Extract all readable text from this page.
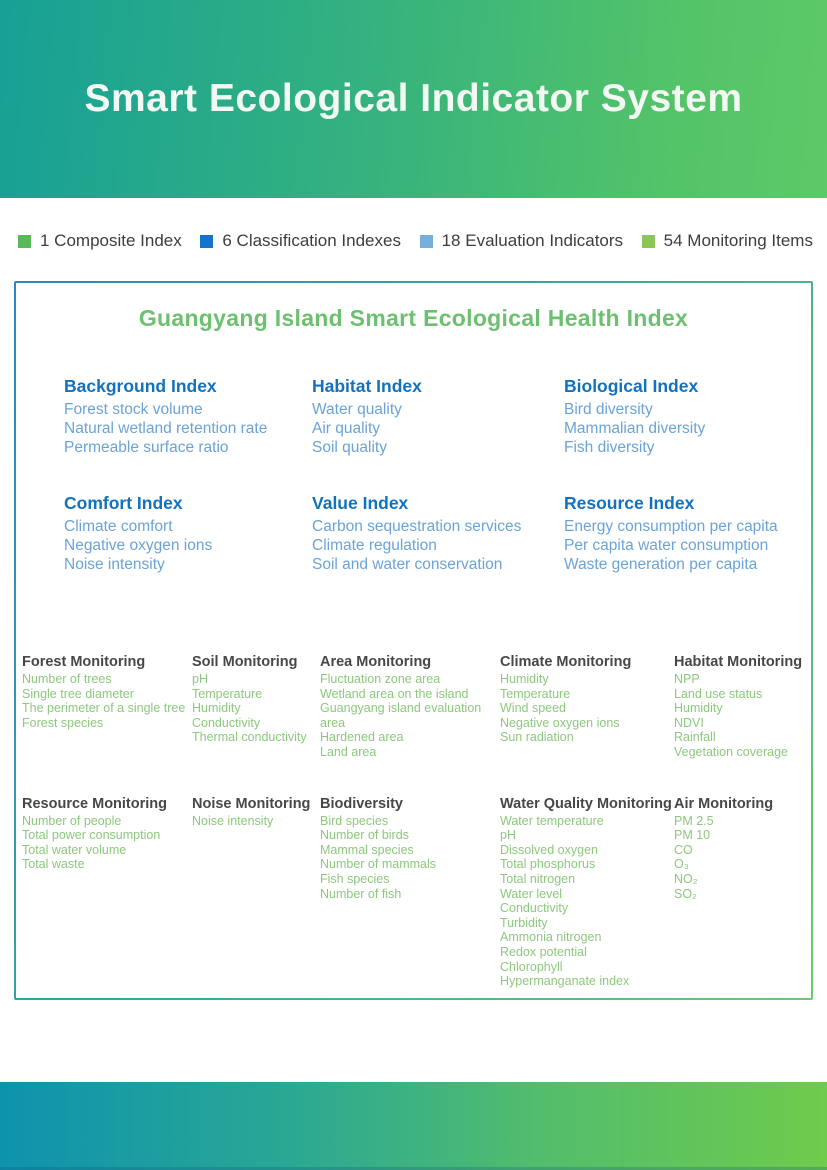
Smart Ecological Indicator System
1 Composite Index 6 Classification Indexes 18 Evaluation Indicators 54 Monitoring Items
Guangyang Island Smart Ecological Health Index
Background Index
Forest stock volume
Natural wetland retention rate
Permeable surface ratio
Habitat Index
Water quality
Air quality
Soil quality
Biological Index
Bird diversity
Mammalian diversity
Fish diversity
Comfort Index
Climate comfort
Negative oxygen ions
Noise intensity
Value Index
Carbon sequestration services
Climate regulation
Soil and water conservation
Resource Index
Energy consumption per capita
Per capita water consumption
Waste generation per capita
Forest Monitoring
Number of trees
Single tree diameter
The perimeter of a single tree
Forest species
Soil Monitoring
pH
Temperature
Humidity
Conductivity
Thermal conductivity
Area Monitoring
Fluctuation zone area
Wetland area on the island
Guangyang island evaluation area
Hardened area
Land area
Climate Monitoring
Humidity
Temperature
Wind speed
Negative oxygen ions
Sun radiation
Habitat Monitoring
NPP
Land use status
Humidity
NDVI
Rainfall
Vegetation coverage
Resource Monitoring
Number of people
Total power consumption
Total water volume
Total waste
Noise Monitoring
Noise intensity
Biodiversity
Bird species
Number of birds
Mammal species
Number of mammals
Fish species
Number of fish
Water Quality Monitoring
Water temperature
pH
Dissolved oxygen
Total phosphorus
Total nitrogen
Water level
Conductivity
Turbidity
Ammonia nitrogen
Redox potential
Chlorophyll
Hypermanganate index
Air Monitoring
PM 2.5
PM 10
CO
O₃
NO₂
SO₂
